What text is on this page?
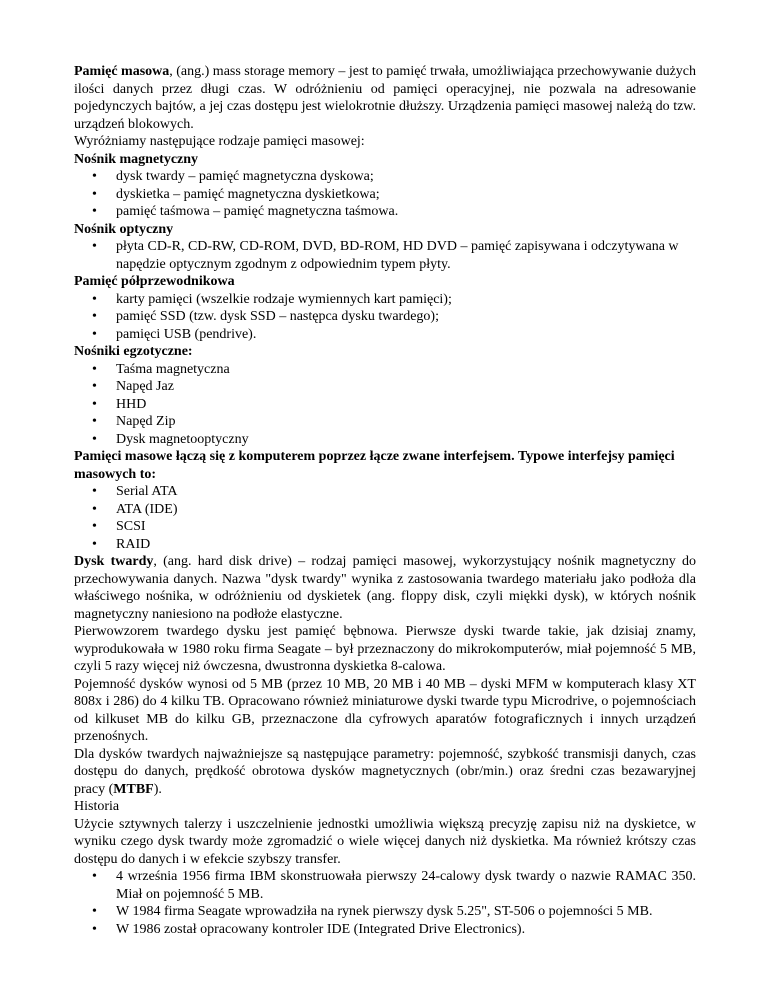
Pamięć masowa, (ang.) mass storage memory – jest to pamięć trwała, umożliwiająca przechowywanie dużych ilości danych przez długi czas. W odróżnieniu od pamięci operacyjnej, nie pozwala na adresowanie pojedynczych bajtów, a jej czas dostępu jest wielokrotnie dłuższy. Urządzenia pamięci masowej należą do tzw. urządzeń blokowych.

Wyróżniamy następujące rodzaje pamięci masowej:

Nośnik magnetyczny

• dysk twardy – pamięć magnetyczna dyskowa;
• dyskietka – pamięć magnetyczna dyskietkowa;
• pamięć taśmowa – pamięć magnetyczna taśmowa.

Nośnik optyczny

• płyta CD-R, CD-RW, CD-ROM, DVD, BD-ROM, HD DVD – pamięć zapisywana i odczytywana w napędzie optycznym zgodnym z odpowiednim typem płyty.

Pamięć półprzewodnikowa

• karty pamięci (wszelkie rodzaje wymiennych kart pamięci);
• pamięć SSD (tzw. dysk SSD – następca dysku twardego);
• pamięci USB (pendrive).

Nośniki egzotyczne:

• Taśma magnetyczna
• Napęd Jaz
• HHD
• Napęd Zip
• Dysk magnetooptyczny

Pamięci masowe łączą się z komputerem poprzez łącze zwane interfejsem. Typowe interfejsy pamięci masowych to:

• Serial ATA
• ATA (IDE)
• SCSI
• RAID

Dysk twardy, (ang. hard disk drive) – rodzaj pamięci masowej, wykorzystujący nośnik magnetyczny do przechowywania danych. Nazwa "dysk twardy" wynika z zastosowania twardego materiału jako podłoża dla właściwego nośnika, w odróżnieniu od dyskietek (ang. floppy disk, czyli miękki dysk), w których nośnik magnetyczny naniesiono na podłoże elastyczne.

Pierwowzorem twardego dysku jest pamięć bębnowa. Pierwsze dyski twarde takie, jak dzisiaj znamy, wyprodukowała w 1980 roku firma Seagate – był przeznaczony do mikrokomputerów, miał pojemność 5 MB, czyli 5 razy więcej niż ówczesna, dwustronna dyskietka 8-calowa.

Pojemność dysków wynosi od 5 MB (przez 10 MB, 20 MB i 40 MB – dyski MFM w komputerach klasy XT 808x i 286) do 4 kilku TB. Opracowano również miniaturowe dyski twarde typu Microdrive, o pojemnościach od kilkuset MB do kilku GB, przeznaczone dla cyfrowych aparatów fotograficznych i innych urządzeń przenośnych.

Dla dysków twardych najważniejsze są następujące parametry: pojemność, szybkość transmisji danych, czas dostępu do danych, prędkość obrotowa dysków magnetycznych (obr/min.) oraz średni czas bezawaryjnej pracy (MTBF).

Historia

Użycie sztywnych talerzy i uszczelnienie jednostki umożliwia większą precyzję zapisu niż na dyskietce, w wyniku czego dysk twardy może zgromadzić o wiele więcej danych niż dyskietka. Ma również krótszy czas dostępu do danych i w efekcie szybszy transfer.

• 4 września 1956 firma IBM skonstruowała pierwszy 24-calowy dysk twardy o nazwie RAMAC 350. Miał on pojemność 5 MB.
• W 1984 firma Seagate wprowadziła na rynek pierwszy dysk 5.25", ST-506 o pojemności 5 MB.
• W 1986 został opracowany kontroler IDE (Integrated Drive Electronics).
